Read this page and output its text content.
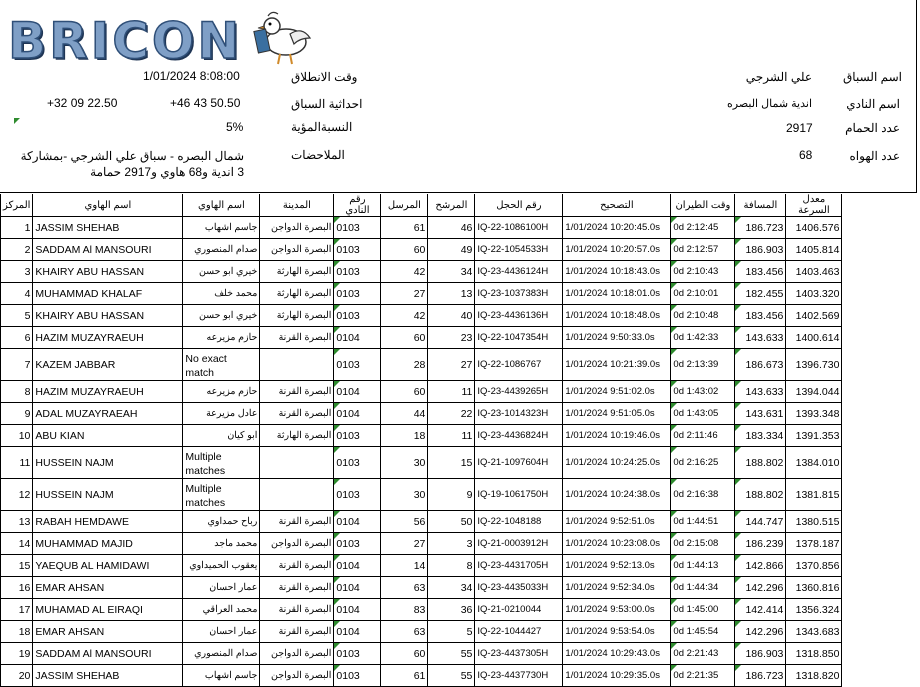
BRICON
اسم السباق
علي الشرجي
اسم النادي
اندية شمال البصره
عدد الحمام
2917
عدد الهواه
68
وقت الانطلاق
1/01/2024 8:08:00
احداثية السباق
+46 43 50.50
+32 09 22.50
النسبةالمؤية
5%
الملاحضات
شمال البصره - سباق علي الشرجي -بمشاركة 3 اندية و68 هاوي و2917 حمامة
المركز	اسم الهاوي	اسم الهاوي	المدينة	رقم النادي	المرسل	المرشح	رقم الحجل	التصحيح	وقت الطيران	المسافة	معدل السرعة
1	JASSIM SHEHAB	جاسم اشهاب	البصرة الدواجن	0103	61	46	IQ-22-1086100H	1/01/2024 10:20:45.0s	0d 2:12:45	186.723	1406.576
2	SADDAM Al MANSOURI	صدام المنصوري	البصرة الدواجن	0103	60	49	IQ-22-1054533H	1/01/2024 10:20:57.0s	0d 2:12:57	186.903	1405.814
3	KHAIRY ABU HASSAN	خيري ابو حسن	البصرة الهارثة	0103	42	34	IQ-23-4436124H	1/01/2024 10:18:43.0s	0d 2:10:43	183.456	1403.463
4	MUHAMMAD KHALAF	محمد خلف	البصرة الهارثة	0103	27	13	IQ-23-1037383H	1/01/2024 10:18:01.0s	0d 2:10:01	182.455	1403.320
5	KHAIRY ABU HASSAN	خيري ابو حسن	البصرة الهارثة	0103	42	40	IQ-23-4436136H	1/01/2024 10:18:48.0s	0d 2:10:48	183.456	1402.569
6	HAZIM MUZAYRAEUH	حازم مزيرعه	البصرة القرنة	0104	60	23	IQ-22-1047354H	1/01/2024 9:50:33.0s	0d 1:42:33	143.633	1400.614
7	KAZEM JABBAR	No exact match		0103	28	27	IQ-22-1086767	1/01/2024 10:21:39.0s	0d 2:13:39	186.673	1396.730
8	HAZIM MUZAYRAEUH	حازم مزيرعه	البصرة القرنة	0104	60	11	IQ-23-4439265H	1/01/2024 9:51:02.0s	0d 1:43:02	143.633	1394.044
9	ADAL MUZAYRAEAH	عادل مزيرعة	البصرة القرنة	0104	44	22	IQ-23-1014323H	1/01/2024 9:51:05.0s	0d 1:43:05	143.631	1393.348
10	ABU KIAN	ابو كيان	البصرة الهارثة	0103	18	11	IQ-23-4436824H	1/01/2024 10:19:46.0s	0d 2:11:46	183.334	1391.353
11	HUSSEIN NAJM	Multiple matches		0103	30	15	IQ-21-1097604H	1/01/2024 10:24:25.0s	0d 2:16:25	188.802	1384.010
12	HUSSEIN NAJM	Multiple matches		0103	30	9	IQ-19-1061750H	1/01/2024 10:24:38.0s	0d 2:16:38	188.802	1381.815
13	RABAH HEMDAWE	رباح حمداوي	البصرة القرنة	0104	56	50	IQ-22-1048188	1/01/2024 9:52:51.0s	0d 1:44:51	144.747	1380.515
14	MUHAMMAD MAJID	محمد ماجد	البصرة الدواجن	0103	27	3	IQ-21-0003912H	1/01/2024 10:23:08.0s	0d 2:15:08	186.239	1378.187
15	YAEQUB AL HAMIDAWI	يعقوب الحميداوي	البصرة القرنة	0104	14	8	IQ-23-4431705H	1/01/2024 9:52:13.0s	0d 1:44:13	142.866	1370.856
16	EMAR AHSAN	عمار احسان	البصرة القرنة	0104	63	34	IQ-23-4435033H	1/01/2024 9:52:34.0s	0d 1:44:34	142.296	1360.816
17	MUHAMAD AL EIRAQI	محمد العراقي	البصرة القرنة	0104	83	36	IQ-21-0210044	1/01/2024 9:53:00.0s	0d 1:45:00	142.414	1356.324
18	EMAR AHSAN	عمار احسان	البصرة القرنة	0104	63	5	IQ-22-1044427	1/01/2024 9:53:54.0s	0d 1:45:54	142.296	1343.683
19	SADDAM Al MANSOURI	صدام المنصوري	البصرة الدواجن	0103	60	55	IQ-23-4437305H	1/01/2024 10:29:43.0s	0d 2:21:43	186.903	1318.850
20	JASSIM SHEHAB	جاسم اشهاب	البصرة الدواجن	0103	61	55	IQ-23-4437730H	1/01/2024 10:29:35.0s	0d 2:21:35	186.723	1318.820
